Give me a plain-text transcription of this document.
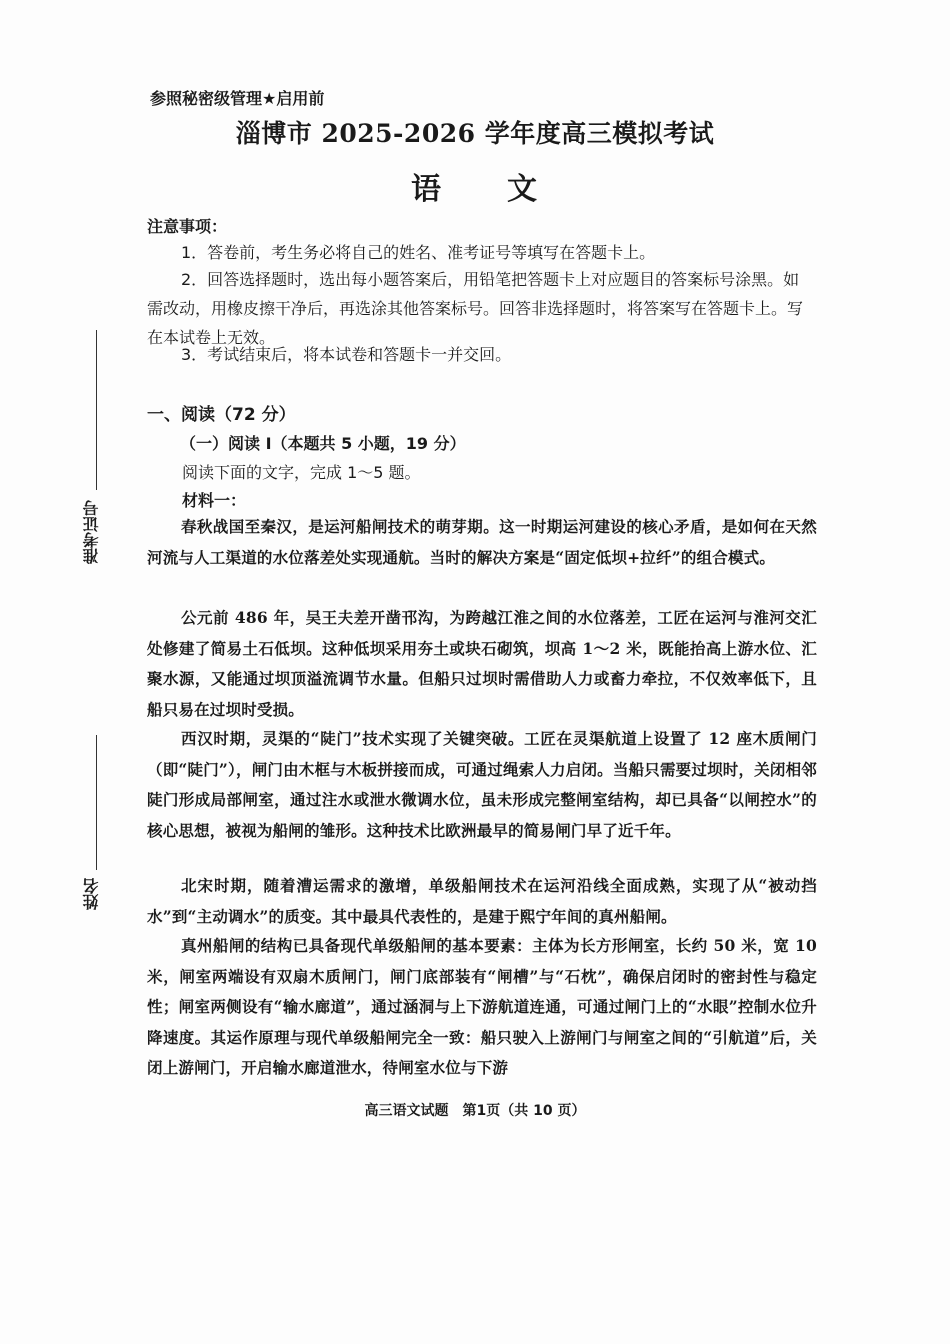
参照秘密级管理★启用前
淄博市 2025-2026 学年度高三模拟考试
语　　文
注意事项：

1．答卷前，考生务必将自己的姓名、准考证号等填写在答题卡上。

2．回答选择题时，选出每小题答案后，用铅笔把答题卡上对应题目的答案标号涂黑。如需改动，用橡皮擦干净后，再选涂其他答案标号。回答非选择题时，将答案写在答题卡上。写在本试卷上无效。

3．考试结束后，将本试卷和答题卡一并交回。

一、阅读（72 分）
（一）阅读 Ⅰ（本题共 5 小题，19 分）
阅读下面的文字，完成 1～5 题。
材料一：

春秋战国至秦汉，是运河船闸技术的萌芽期。这一时期运河建设的核心矛盾，是如何在天然河流与人工渠道的水位落差处实现通航。当时的解决方案是“固定低坝+拉纤”的组合模式。

公元前 486 年，吴王夫差开凿邗沟，为跨越江淮之间的水位落差，工匠在运河与淮河交汇处修建了简易土石低坝。这种低坝采用夯土或块石砌筑，坝高 1～2 米，既能抬高上游水位、汇聚水源，又能通过坝顶溢流调节水量。但船只过坝时需借助人力或畜力牵拉，不仅效率低下，且船只易在过坝时受损。

西汉时期，灵渠的“陡门”技术实现了关键突破。工匠在灵渠航道上设置了 12 座木质闸门（即“陡门”），闸门由木框与木板拼接而成，可通过绳索人力启闭。当船只需要过坝时，关闭相邻陡门形成局部闸室，通过注水或泄水微调水位，虽未形成完整闸室结构，却已具备“以闸控水”的核心思想，被视为船闸的雏形。这种技术比欧洲最早的简易闸门早了近千年。

北宋时期，随着漕运需求的激增，单级船闸技术在运河沿线全面成熟，实现了从“被动挡水”到“主动调水”的质变。其中最具代表性的，是建于熙宁年间的真州船闸。

真州船闸的结构已具备现代单级船闸的基本要素：主体为长方形闸室，长约 50 米，宽 10 米，闸室两端设有双扇木质闸门，闸门底部装有“闸槽”与“石枕”，确保启闭时的密封性与稳定性；闸室两侧设有“输水廊道”，通过涵洞与上下游航道连通，可通过闸门上的“水眼”控制水位升降速度。其运作原理与现代单级船闸完全一致：船只驶入上游闸门与闸室之间的“引航道”后，关闭上游闸门，开启输水廊道泄水，待闸室水位与下游

准考证号
姓名
高三语文试题　第1页（共 10 页）
